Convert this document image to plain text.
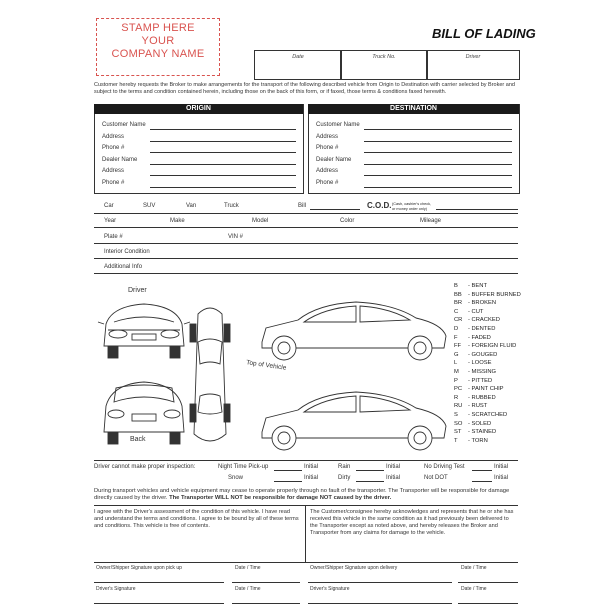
STAMP HERE
YOUR
COMPANY NAME
BILL OF LADING
Date	Truck No.	Driver
Customer hereby requests the Broker to make arrangements for the transport of the following described vehicle from Origin to Destination with carrier selected by Broker and subject to the terms and condition contained herein, including those on the back of this form, or if faxed, those terms & conditions faxed herewith.
ORIGIN
Customer Name
Address
Phone #
Dealer Name
Address
Phone #
DESTINATION
Customer Name
Address
Phone #
Dealer Name
Address
Phone #
Car	SUV	Van	Truck	Bill	C.O.D. (Cash, cashier's check, or money order only)
Year	Make	Model	Color	Mileage
Plate #	VIN #
Interior Condition
Additional Info
Driver
Back
Top of Vehicle
B - BENT
BB - BUFFER BURNED
BR - BROKEN
C - CUT
CR - CRACKED
D - DENTED
F - FADED
FF - FOREIGN FLUID
G - GOUGED
L - LOOSE
M - MISSING
P - PITTED
PC - PAINT CHIP
R - RUBBED
RU - RUST
S - SCRATCHED
SO - SOLED
ST - STAINED
T - TORN
Driver cannot make proper inspection:	Night Time Pick-up	Initial	Rain	Initial	No Driving Test	Initial
Snow	Initial	Dirty	Initial	Not DOT	Initial
During transport vehicles and vehicle equipment may cease to operate properly through no fault of the transporter. The Transporter will be responsible for damage directly caused by the driver. The Transporter WILL NOT be responsible for damage NOT caused by the driver.
I agree with the Driver's assessment of the condition of this vehicle. I have read and understand the terms and conditions. I agree to be bound by all of these terms and conditions. This vehicle is free of contents.
The Customer/consignee hereby acknowledges and represents that he or she has received this vehicle in the same condition as it had previously been delivered to the Transporter except as noted above, and hereby releases the Broker and Transporter from any claims for damage to the vehicle.
Owner/Shipper Signature upon pick up	Date / Time	Owner/Shipper Signature upon delivery	Date / Time
Driver's Signature	Date / Time	Driver's Signature	Date / Time
